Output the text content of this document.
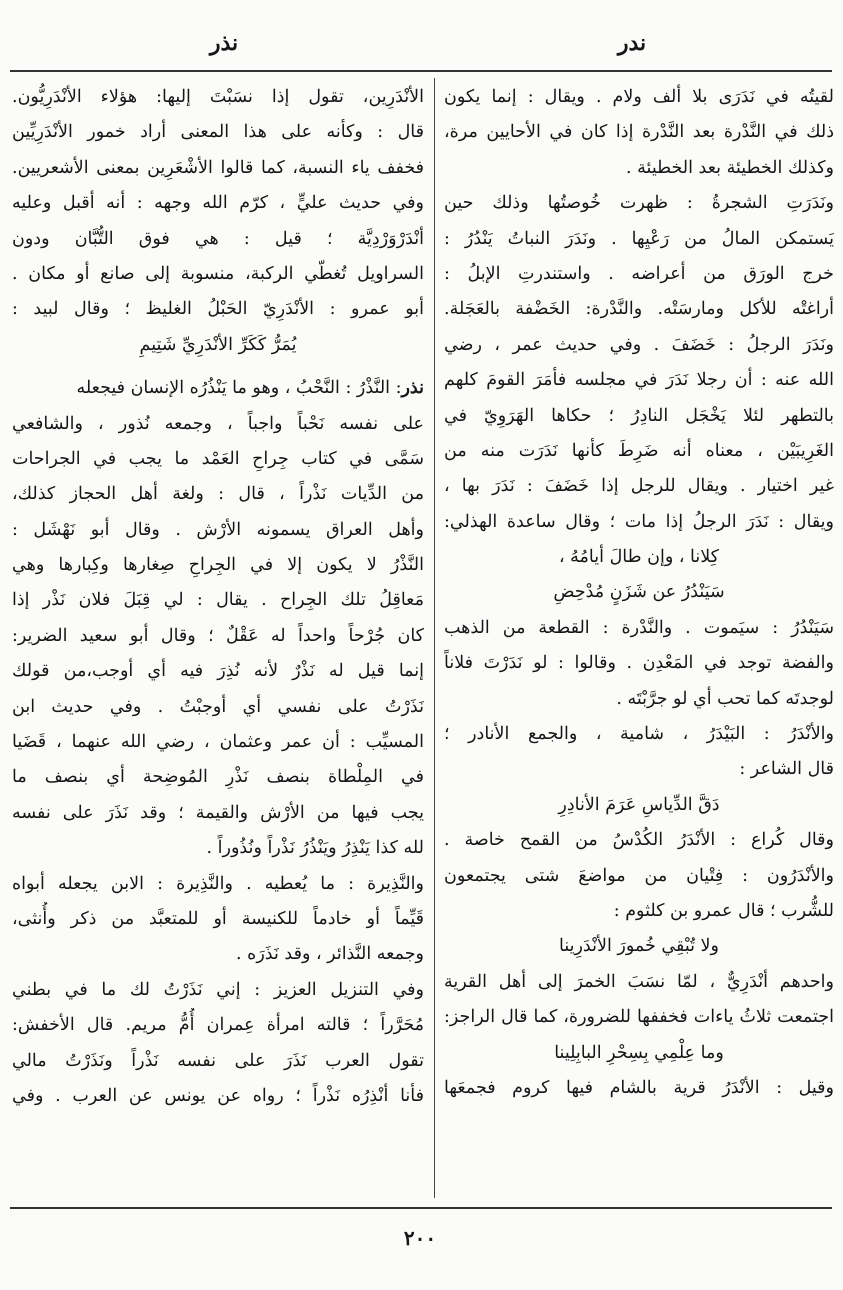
ندر
نذر
لقيتُه في نَدَرَى بلا ألف ولام . ويقال : إنما يكون
ذلك في النَّدْرة بعد النَّدْرة إذا كان في الأحايين مرة،
وكذلك الخطيئة بعد الخطيئة .
ونَدَرَتِ الشجرةُ : ظهرت خُوصتُها وذلك حين
يَستمكن المالُ من رَعْيِها . ونَدَرَ النباتُ يَنْدُرُ :
خرج الورَق من أعراضه . واستندرتِ الإبلُ :
أراغتْه للأكل ومارسَتْه. والنَّدْرة: الخَضْفة بالعَجَلة.
ونَدَرَ الرجلُ : خَضَفَ . وفي حديث عمر ، رضي
الله عنه : أن رجلا نَدَرَ في مجلسه فأمَرَ القومَ كلهم
بالتطهر لئلا يَخْجَل النادِرُ ؛ حكاها الهَرَوِيّ في
الغَرِيبَيْن ، معناه أنه ضَرِطَ كأنها نَدَرَت منه من
غير اختيار . ويقال للرجل إذا خَضَفَ : نَدَرَ بها ،
ويقال : نَدَرَ الرجلُ إذا مات ؛ وقال ساعدة الهذلي:
كِلانا ، وإن طالَ أيامُهُ ،
سَيَنْدُرُ عن شَزَنٍ مُدْحِضِ
سَيَنْدُرُ : سيَموت . والنَّدْرة : القطعة من الذهب
والفضة توجد في المَعْدِن . وقالوا : لو نَدَرْتَ فلاناً
لوجدتَه كما تحب أي لو جرَّبْتَه .
والأنْدَرُ : البَيْدَرُ ، شامية ، والجمع الأنادر ؛
قال الشاعر :
دَقَّ الدِّياسِ عَرَمَ الأنادِرِ
وقال كُراع : الأنْدَرُ الكُدْسُ من القمح خاصة .
والأنْدَرُون : فِتْيان من مواضعَ شتى يجتمعون
للشُّرب ؛ قال عمرو بن كلثوم :
ولا تُبْقِي خُمورَ الأنْدَرِينا
واحدهم أنْدَرِيٌّ ، لمّا نسَبَ الخمرَ إلى أهل القرية
اجتمعت ثلاثُ ياءات فخففها للضرورة، كما قال الراجز:
وما عِلْمِي بِسِحْرِ البابِلِينا
وقيل : الأنْدَرُ قرية بالشام فيها كروم فجمعَها
الأنْدَرِين، تقول إذا نسَبْتَ إليها: هؤلاء الأنْدَرِيُّون.
قال : وكأنه على هذا المعنى أراد خمور الأنْدَرِيِّين
فخفف ياء النسبة، كما قالوا الأشْعَرِين بمعنى الأشعريين.
وفي حديث عليٍّ ، كرّم الله وجهه : أنه أقبل وعليه
أنْدَرْوَرْدِيَّة ؛ قيل : هي فوق التُّبَّان ودون
السراويل تُغطّي الركبة، منسوبة إلى صانع أو مكان .
أبو عمرو : الأنْدَرِيّ الحَبْلُ الغليظ ؛ وقال لبيد :
يُمَرُّ كَكَرِّ الأنْدَرِيِّ شَتِيمِ
نذر: النَّذْرُ : النَّحْبُ ، وهو ما يَنْذُرُه الإنسان فيجعله
على نفسه نَحْباً واجباً ، وجمعه نُذور ، والشافعي
سَمَّى في كتاب جِراحِ العَمْد ما يجب في الجراحات
من الدِّيات نَذْراً ، قال : ولغة أهل الحجاز كذلك،
وأهل العراق يسمونه الأرْش . وقال أبو نَهْشَل :
النَّذْرُ لا يكون إلا في الجِراحِ صِغارها وكِبارها وهي
مَعاقِلُ تلك الجِراح . يقال : لي قِبَلَ فلان نَذْر إذا
كان جُرْحاً واحداً له عَقْلٌ ؛ وقال أبو سعيد الضرير:
إنما قيل له نَذْرٌ لأنه نُذِرَ فيه أي أوجب،من قولك
نَذَرْتُ على نفسي أي أوجبْتُ . وفي حديث ابن
المسيِّب : أن عمر وعثمان ، رضي الله عنهما ، قَضَيا
في المِلْطاة بنصف نَذْرِ المُوضِحة أي بنصف ما
يجب فيها من الأرْش والقيمة ؛ وقد نَذَرَ على نفسه
لله كذا يَنْذِرُ ويَنْذُرُ نَذْراً ونُذُوراً .
والنَّذِيرة : ما يُعطيه . والنَّذِيرة : الابن يجعله أبواه
قَيِّماً أو خادماً للكنيسة أو للمتعبَّد من ذكر وأُنثى،
وجمعه النَّذائر ، وقد نَذَرَه .
وفي التنزيل العزيز : إني نَذَرْتُ لك ما في بطني
مُحَرَّراً ؛ قالته امرأة عِمران أُمُّ مريم. قال الأخفش:
تقول العرب نَذَرَ على نفسه نَذْراً ونَذَرْتُ مالي
فأنا أنْذِرُه نَذْراً ؛ رواه عن يونس عن العرب . وفي
٢٠٠
